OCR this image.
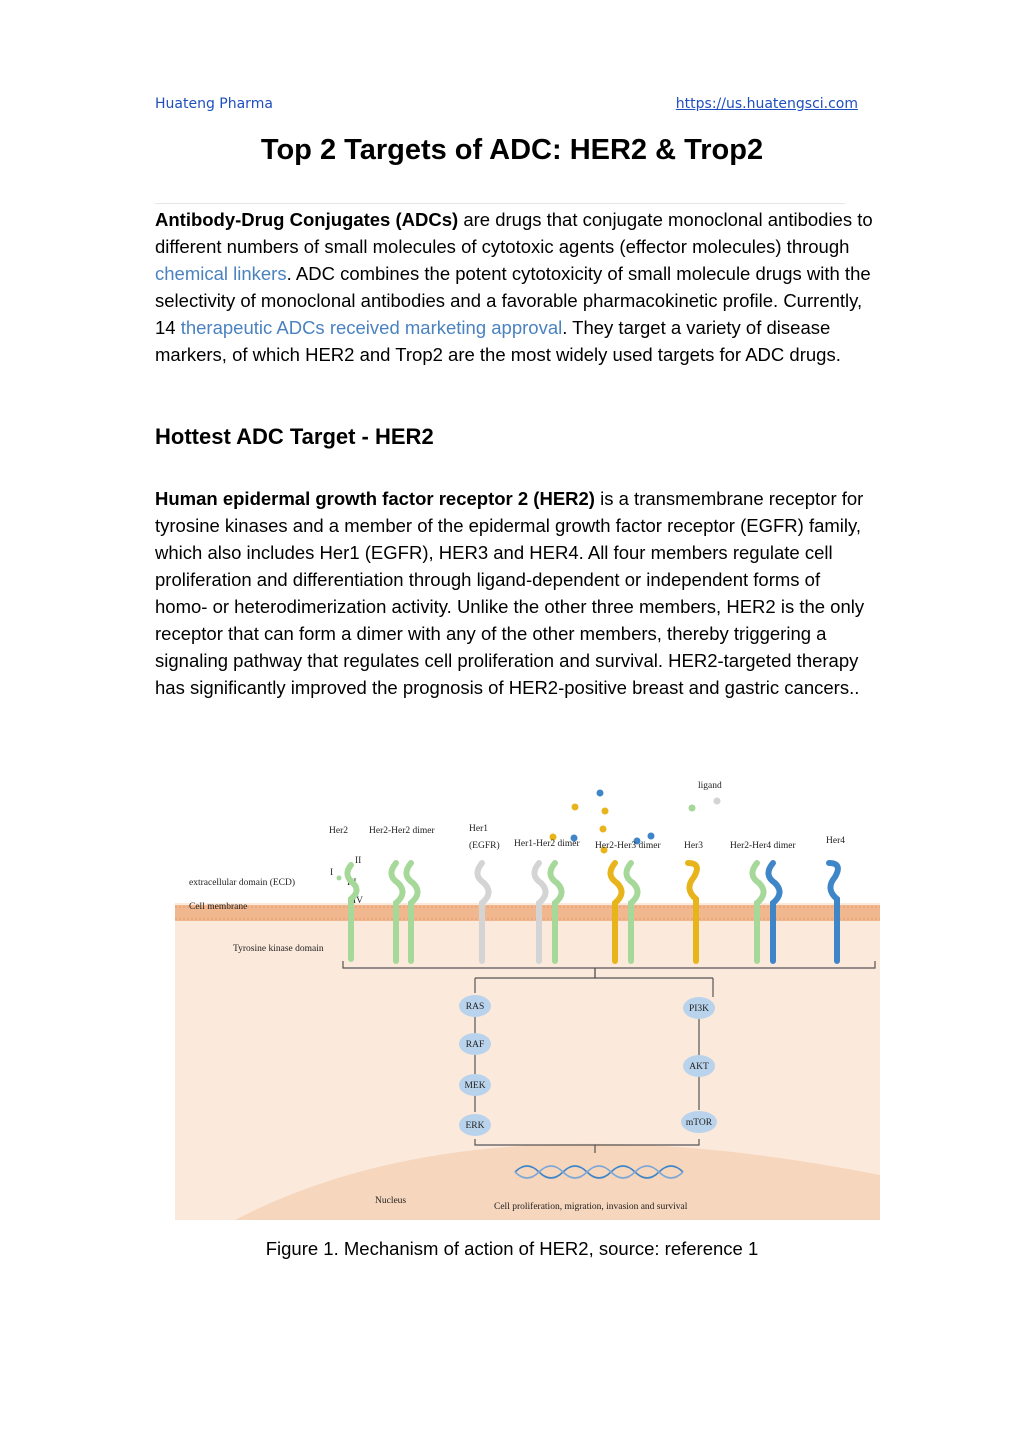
Huateng Pharma	https://us.huatengsci.com
Top 2 Targets of ADC: HER2 & Trop2

Antibody-Drug Conjugates (ADCs) are drugs that conjugate monoclonal antibodies to different numbers of small molecules of cytotoxic agents (effector molecules) through chemical linkers. ADC combines the potent cytotoxicity of small molecule drugs with the selectivity of monoclonal antibodies and a favorable pharmacokinetic profile. Currently, 14 therapeutic ADCs received marketing approval. They target a variety of disease markers, of which HER2 and Trop2 are the most widely used targets for ADC drugs.

Hottest ADC Target - HER2

Human epidermal growth factor receptor 2 (HER2) is a transmembrane receptor for tyrosine kinases and a member of the epidermal growth factor receptor (EGFR) family, which also includes Her1 (EGFR), HER3 and HER4. All four members regulate cell proliferation and differentiation through ligand-dependent or independent forms of homo- or heterodimerization activity. Unlike the other three members, HER2 is the only receptor that can form a dimer with any of the other members, thereby triggering a signaling pathway that regulates cell proliferation and survival. HER2-targeted therapy has significantly improved the prognosis of HER2-positive breast and gastric cancers..

ligand
Her2 Her2-Her2 dimer	Her1
(EGFR) Her1-Her2 dimer Her2-Her3 dimer Her3	Her2-Her4 dimer	Her4
II
I
III
IV
extracellular domain (ECD)
Cell membrane
Tyrosine kinase domain
RAS
RAF
MEK
ERK
PI3K
AKT
mTOR
Nucleus
Cell proliferation, migration, invasion and survival
Figure 1. Mechanism of action of HER2, source: reference 1
